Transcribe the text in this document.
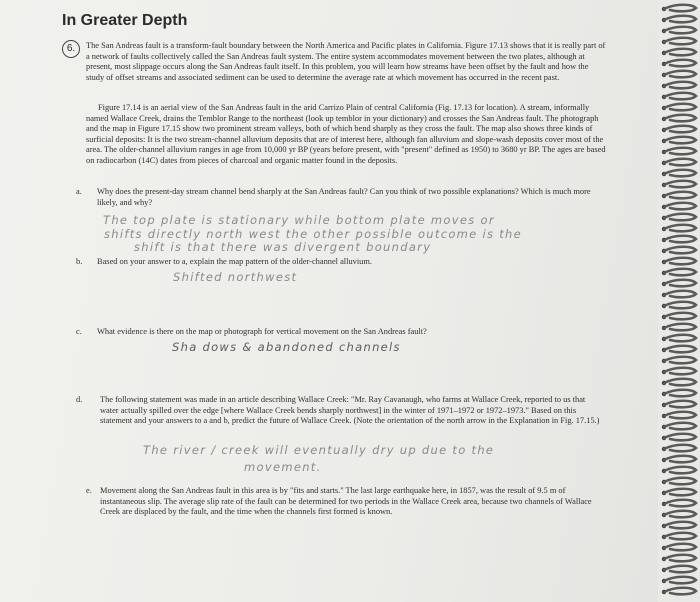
In Greater Depth
6.	The San Andreas fault is a transform-fault boundary between the North America and Pacific plates in California. Figure 17.13 shows that it is really part of a network of faults collectively called the San Andreas fault system. The entire system accommodates movement between the two plates, although at present, most slippage occurs along the San Andreas fault itself. In this problem, you will learn how streams have been offset by the fault and how the study of offset streams and associated sediment can be used to determine the average rate at which movement has occurred in the recent past.

Figure 17.14 is an aerial view of the San Andreas fault in the arid Carrizo Plain of central California (Fig. 17.13 for location). A stream, informally named Wallace Creek, drains the Temblor Range to the northeast (look up temblor in your dictionary) and crosses the San Andreas fault. The photograph and the map in Figure 17.15 show two prominent stream valleys, both of which bend sharply as they cross the fault. The map also shows three kinds of surficial deposits: It is the two stream-channel alluvium deposits that are of interest here, although fan alluvium and slope-wash deposits cover most of the area. The older-channel alluvium ranges in age from 10,000 yr BP (years before present, with "present" defined as 1950) to 3680 yr BP. The ages are based on radiocarbon (14C) dates from pieces of charcoal and organic matter found in the deposits.

a. Why does the present-day stream channel bend sharply at the San Andreas fault? Can you think of two possible explanations? Which is much more likely, and why?

The top plate is stationary while bottom plate moves or

shifts directly north west the other possible outcome is the

shift is that there was divergent boundary

b. Based on your answer to a, explain the map pattern of the older-channel alluvium.

Shifted northwest

c. What evidence is there on the map or photograph for vertical movement on the San Andreas fault?

Sha dows & abandoned channels

d. The following statement was made in an article describing Wallace Creek: "Mr. Ray Cavanaugh, who farms at Wallace Creek, reported to us that water actually spilled over the edge [where Wallace Creek bends sharply northwest] in the winter of 1971–1972 or 1972–1973." Based on this statement and your answers to a and b, predict the future of Wallace Creek. (Note the orientation of the north arrow in the Explanation in Fig. 17.15.)

The river / creek will eventually dry up due to the

movement.

e. Movement along the San Andreas fault in this area is by "fits and starts." The last large earthquake here, in 1857, was the result of 9.5 m of instantaneous slip. The average slip rate of the fault can be determined for two periods in the Wallace Creek area, because two channels of Wallace Creek are displaced by the fault, and the time when the channels first formed is known.
